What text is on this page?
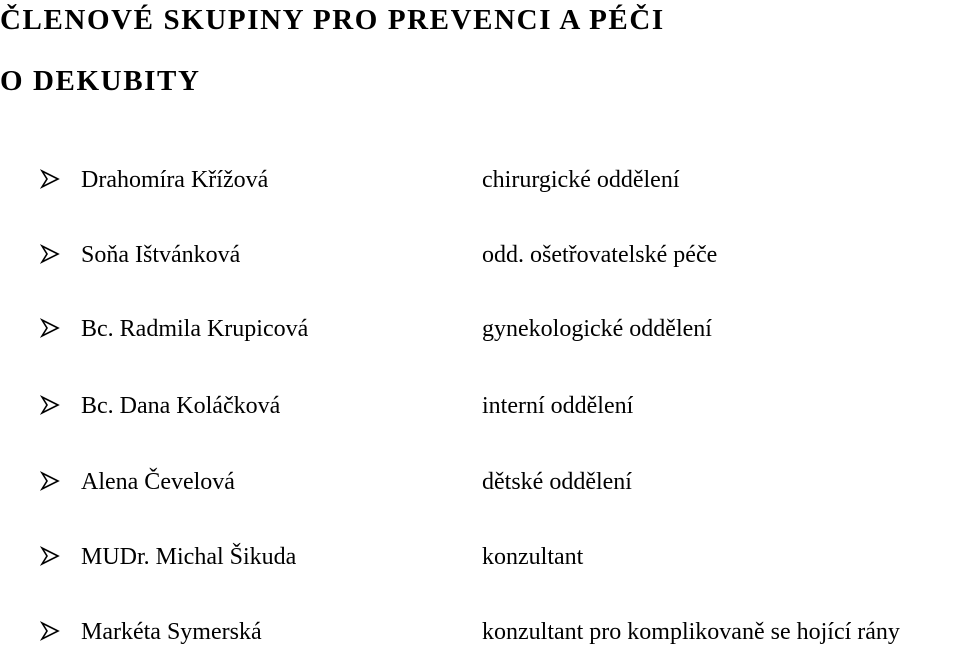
ČLENOVÉ SKUPINY PRO PREVENCI A PÉČI
O DEKUBITY
Drahomíra Křížová	chirurgické oddělení
Soňa Ištvánková	odd. ošetřovatelské péče
Bc. Radmila Krupicová	gynekologické oddělení
Bc. Dana Koláčková	interní oddělení
Alena Čevelová	dětské oddělení
MUDr. Michal Šikuda	konzultant
Markéta Symerská	konzultant pro komplikovaně se hojící rány
